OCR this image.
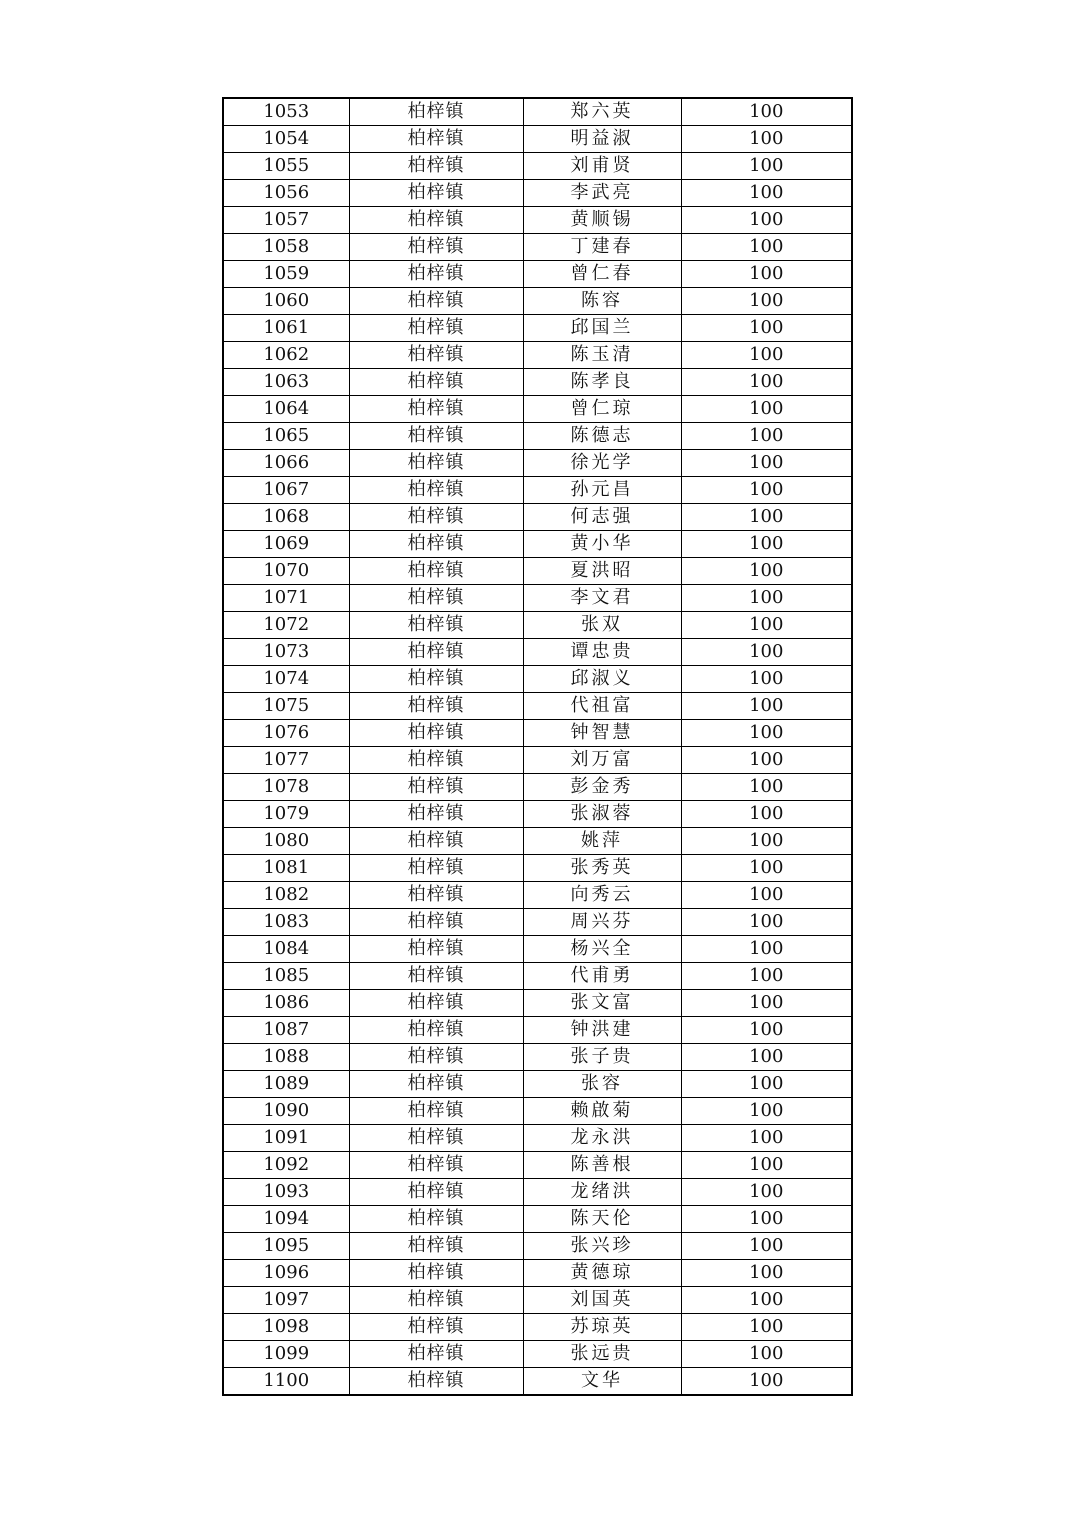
1053	柏梓镇	郑六英	100
1054	柏梓镇	明益淑	100
1055	柏梓镇	刘甫贤	100
1056	柏梓镇	李武亮	100
1057	柏梓镇	黄顺锡	100
1058	柏梓镇	丁建春	100
1059	柏梓镇	曾仁春	100
1060	柏梓镇	陈容	100
1061	柏梓镇	邱国兰	100
1062	柏梓镇	陈玉清	100
1063	柏梓镇	陈孝良	100
1064	柏梓镇	曾仁琼	100
1065	柏梓镇	陈德志	100
1066	柏梓镇	徐光学	100
1067	柏梓镇	孙元昌	100
1068	柏梓镇	何志强	100
1069	柏梓镇	黄小华	100
1070	柏梓镇	夏洪昭	100
1071	柏梓镇	李文君	100
1072	柏梓镇	张双	100
1073	柏梓镇	谭忠贵	100
1074	柏梓镇	邱淑义	100
1075	柏梓镇	代祖富	100
1076	柏梓镇	钟智慧	100
1077	柏梓镇	刘万富	100
1078	柏梓镇	彭金秀	100
1079	柏梓镇	张淑蓉	100
1080	柏梓镇	姚萍	100
1081	柏梓镇	张秀英	100
1082	柏梓镇	向秀云	100
1083	柏梓镇	周兴芬	100
1084	柏梓镇	杨兴全	100
1085	柏梓镇	代甫勇	100
1086	柏梓镇	张文富	100
1087	柏梓镇	钟洪建	100
1088	柏梓镇	张子贵	100
1089	柏梓镇	张容	100
1090	柏梓镇	赖啟菊	100
1091	柏梓镇	龙永洪	100
1092	柏梓镇	陈善根	100
1093	柏梓镇	龙绪洪	100
1094	柏梓镇	陈天伦	100
1095	柏梓镇	张兴珍	100
1096	柏梓镇	黄德琼	100
1097	柏梓镇	刘国英	100
1098	柏梓镇	苏琼英	100
1099	柏梓镇	张远贵	100
1100	柏梓镇	文华	100
